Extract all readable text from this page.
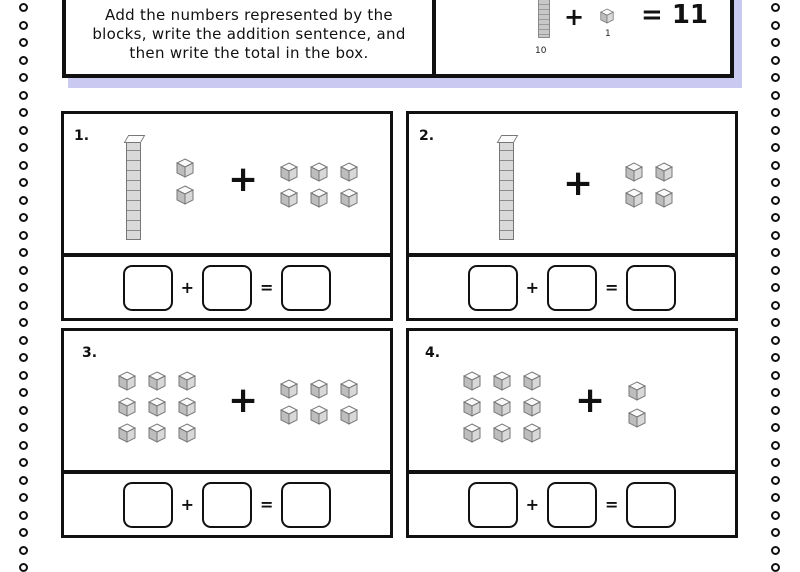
Add the numbers represented by the blocks, write the addition sentence, and then write the total in the box.	10
+
1
= 11
1.
+
+	=
2.
+
+	=
3.
+
+	=
4.
+
+	=
